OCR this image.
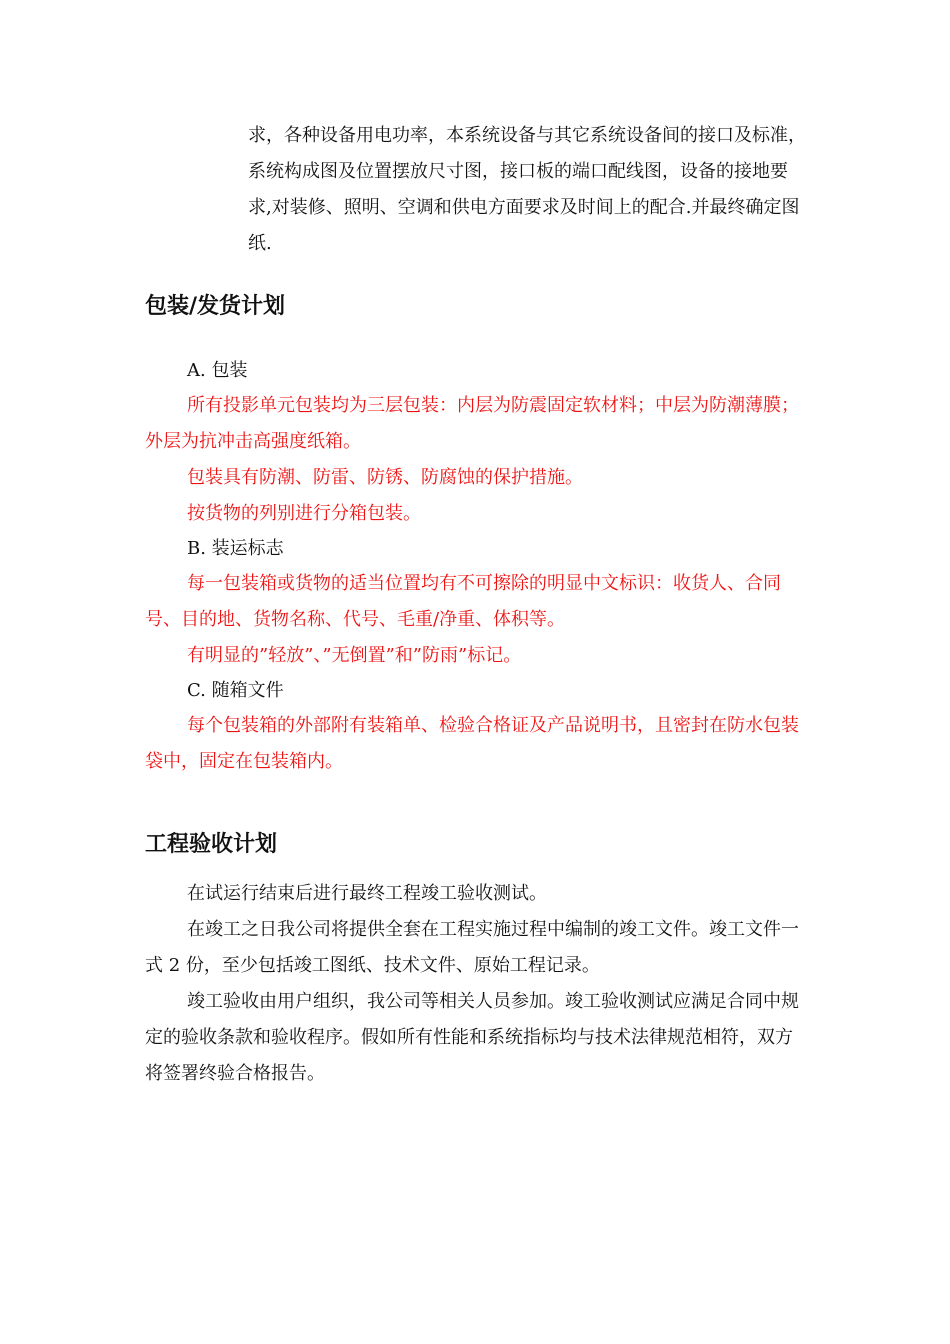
求，各种设备用电功率，本系统设备与其它系统设备间的接口及标准，系统构成图及位置摆放尺寸图，接口板的端口配线图，设备的接地要求,对装修、照明、空调和供电方面要求及时间上的配合.并最终确定图纸.

包装/发货计划

A. 包装

所有投影单元包装均为三层包装：内层为防震固定软材料；中层为防潮薄膜；外层为抗冲击高强度纸箱。

包装具有防潮、防雷、防锈、防腐蚀的保护措施。

按货物的列别进行分箱包装。

B. 装运标志

每一包装箱或货物的适当位置均有不可擦除的明显中文标识：收货人、合同号、目的地、货物名称、代号、毛重/净重、体积等。

有明显的”轻放”、”无倒置”和”防雨”标记。

C. 随箱文件

每个包装箱的外部附有装箱单、检验合格证及产品说明书，且密封在防水包装袋中，固定在包装箱内。

工程验收计划

在试运行结束后进行最终工程竣工验收测试。

在竣工之日我公司将提供全套在工程实施过程中编制的竣工文件。竣工文件一式 2 份，至少包括竣工图纸、技术文件、原始工程记录。

竣工验收由用户组织，我公司等相关人员参加。竣工验收测试应满足合同中规定的验收条款和验收程序。假如所有性能和系统指标均与技术法律规范相符，双方将签署终验合格报告。
